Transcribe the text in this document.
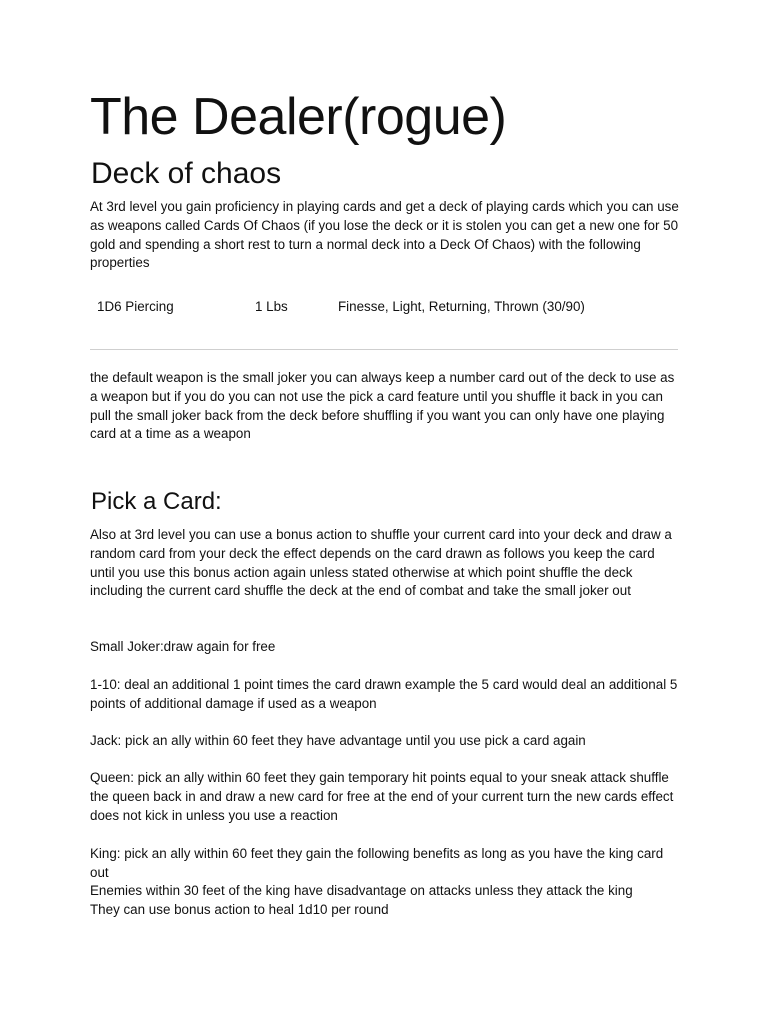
The Dealer(rogue)
Deck of chaos

At 3rd level you gain proficiency in playing cards and get a deck of playing cards which you can use as weapons called Cards Of Chaos (if you lose the deck or it is stolen you can get a new one for 50 gold and spending a short rest to turn a normal deck into a Deck Of Chaos) with the following properties

1D6 Piercing	1 Lbs	Finesse, Light, Returning, Thrown (30/90)

the default weapon is the small joker you can always keep a number card out of the deck to use as a weapon but if you do you can not use the pick a card feature until you shuffle it back in you can pull the small joker back from the deck before shuffling if you want you can only have one playing card at a time as a weapon

Pick a Card:

Also at 3rd level you can use a bonus action to shuffle your current card into your deck and draw a random card from your deck the effect depends on the card drawn as follows you keep the card until you use this bonus action again unless stated otherwise at which point shuffle the deck including the current card shuffle the deck at the end of combat and take the small joker out

Small Joker:draw again for free

1-10: deal an additional 1 point times the card drawn example the 5 card would deal an additional 5 points of additional damage if used as a weapon

Jack: pick an ally within 60 feet they have advantage until you use pick a card again

Queen: pick an ally within 60 feet they gain temporary hit points equal to your sneak attack shuffle the queen back in and draw a new card for free at the end of your current turn the new cards effect does not kick in unless you use a reaction

King: pick an ally within 60 feet they gain the following benefits as long as you have the king card out

Enemies within 30 feet of the king have disadvantage on attacks unless they attack the king

They can use bonus action to heal 1d10 per round
